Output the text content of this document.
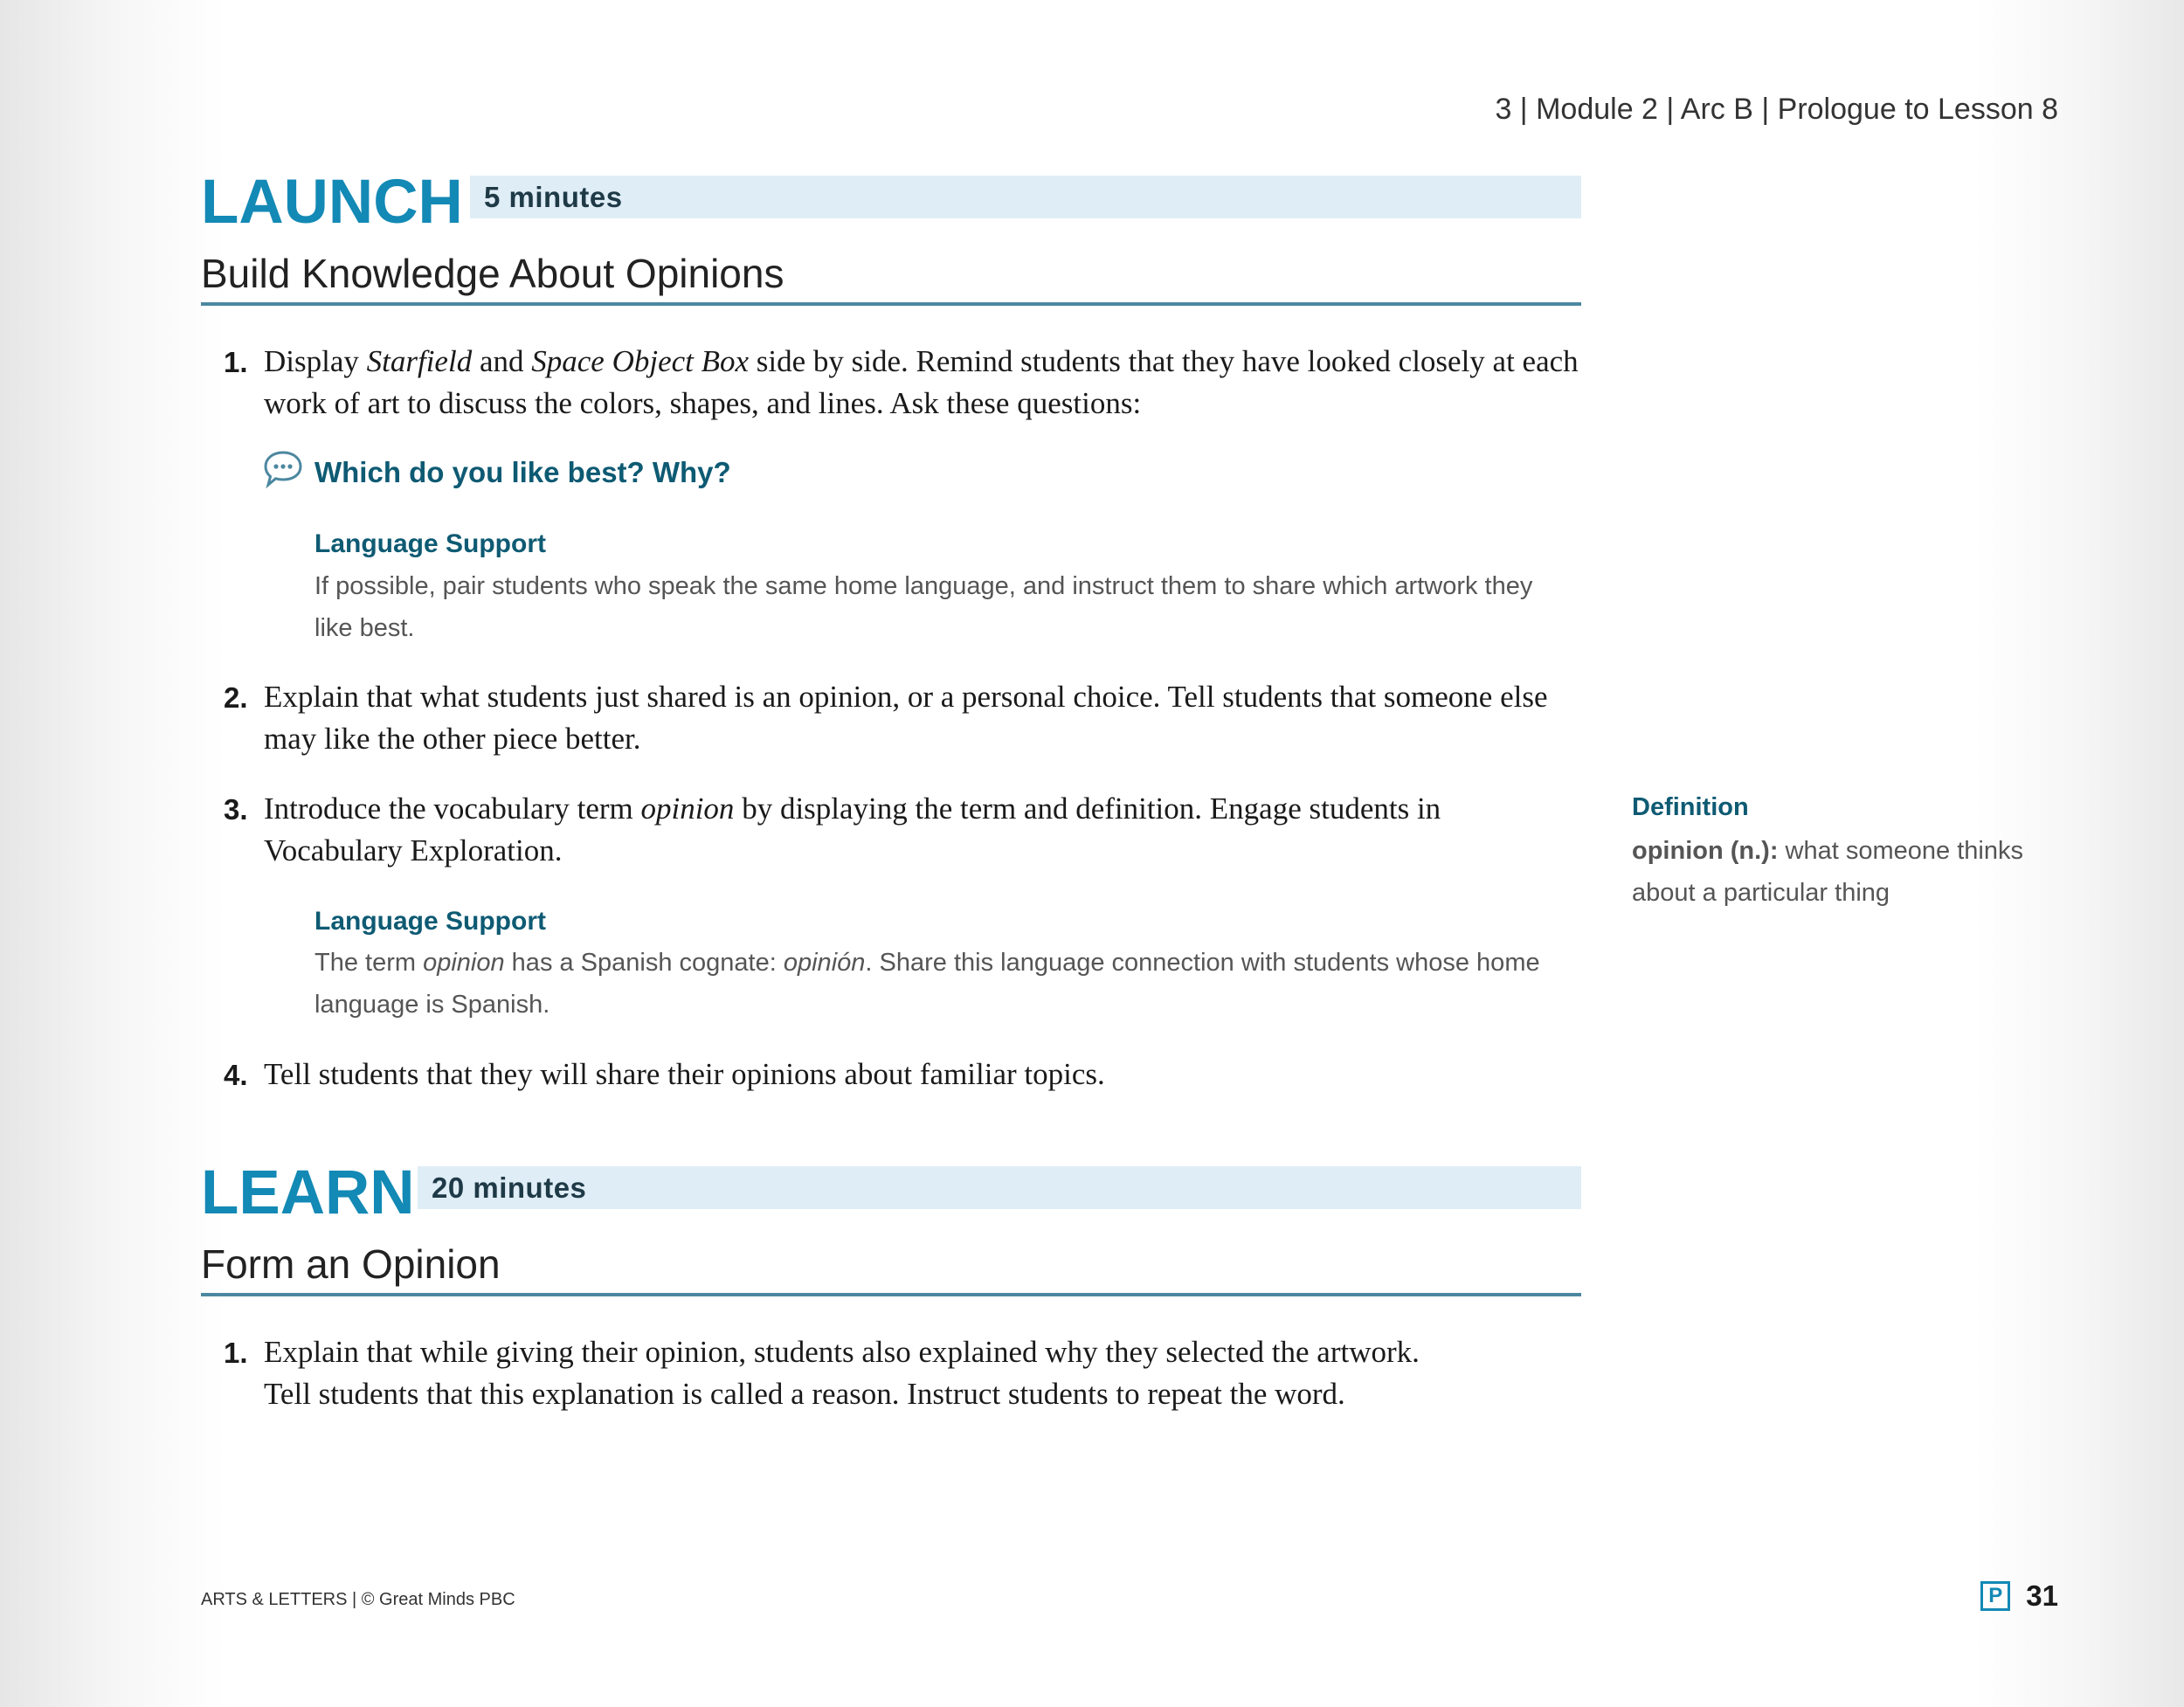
3 | Module 2 | Arc B | Prologue to Lesson 8
LAUNCH 5 minutes
Build Knowledge About Opinions
1. Display Starfield and Space Object Box side by side. Remind students that they have looked closely at each work of art to discuss the colors, shapes, and lines. Ask these questions:
Which do you like best? Why?
Language Support
If possible, pair students who speak the same home language, and instruct them to share which artwork they like best.
2. Explain that what students just shared is an opinion, or a personal choice. Tell students that someone else may like the other piece better.
3. Introduce the vocabulary term opinion by displaying the term and definition. Engage students in Vocabulary Exploration.
Language Support
The term opinion has a Spanish cognate: opinión. Share this language connection with students whose home language is Spanish.
4. Tell students that they will share their opinions about familiar topics.
Definition
opinion (n.): what someone thinks about a particular thing
LEARN 20 minutes
Form an Opinion
1. Explain that while giving their opinion, students also explained why they selected the artwork.
Tell students that this explanation is called a reason. Instruct students to repeat the word.
ARTS & LETTERS | © Great Minds PBC	P 31
